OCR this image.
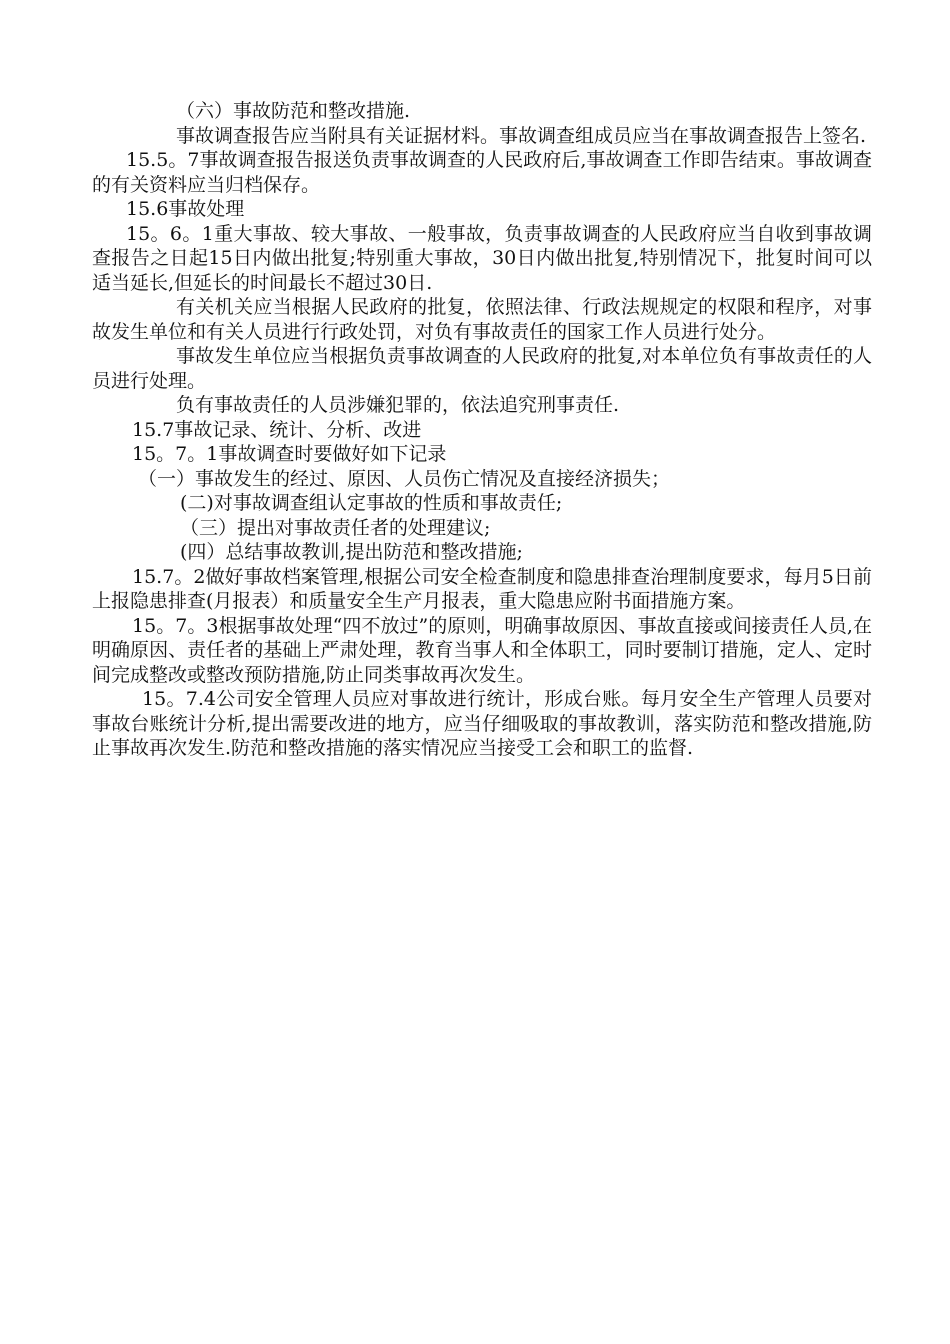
（六）事故防范和整改措施.

事故调查报告应当附具有关证据材料。事故调查组成员应当在事故调查报告上签名.

15.5。7事故调查报告报送负责事故调查的人民政府后,事故调查工作即告结束。事故调查的有关资料应当归档保存。

15.6事故处理

15。6。1重大事故、较大事故、一般事故，负责事故调查的人民政府应当自收到事故调查报告之日起15日内做出批复;特别重大事故，30日内做出批复,特别情况下，批复时间可以适当延长,但延长的时间最长不超过30日.

有关机关应当根据人民政府的批复，依照法律、行政法规规定的权限和程序，对事故发生单位和有关人员进行行政处罚，对负有事故责任的国家工作人员进行处分。

事故发生单位应当根据负责事故调查的人民政府的批复,对本单位负有事故责任的人员进行处理。

负有事故责任的人员涉嫌犯罪的，依法追究刑事责任.

15.7事故记录、统计、分析、改进

15。7。1事故调查时要做好如下记录

（一）事故发生的经过、原因、人员伤亡情况及直接经济损失；

(二)对事故调查组认定事故的性质和事故责任;

（三）提出对事故责任者的处理建议;

(四）总结事故教训,提出防范和整改措施;

15.7。2做好事故档案管理,根据公司安全检查制度和隐患排查治理制度要求，每月5日前上报隐患排查(月报表）和质量安全生产月报表，重大隐患应附书面措施方案。

15。7。3根据事故处理“四不放过”的原则，明确事故原因、事故直接或间接责任人员,在明确原因、责任者的基础上严肃处理，教育当事人和全体职工，同时要制订措施，定人、定时间完成整改或整改预防措施,防止同类事故再次发生。

15。7.4公司安全管理人员应对事故进行统计，形成台账。每月安全生产管理人员要对事故台账统计分析,提出需要改进的地方，应当仔细吸取的事故教训，落实防范和整改措施,防止事故再次发生.防范和整改措施的落实情况应当接受工会和职工的监督.
